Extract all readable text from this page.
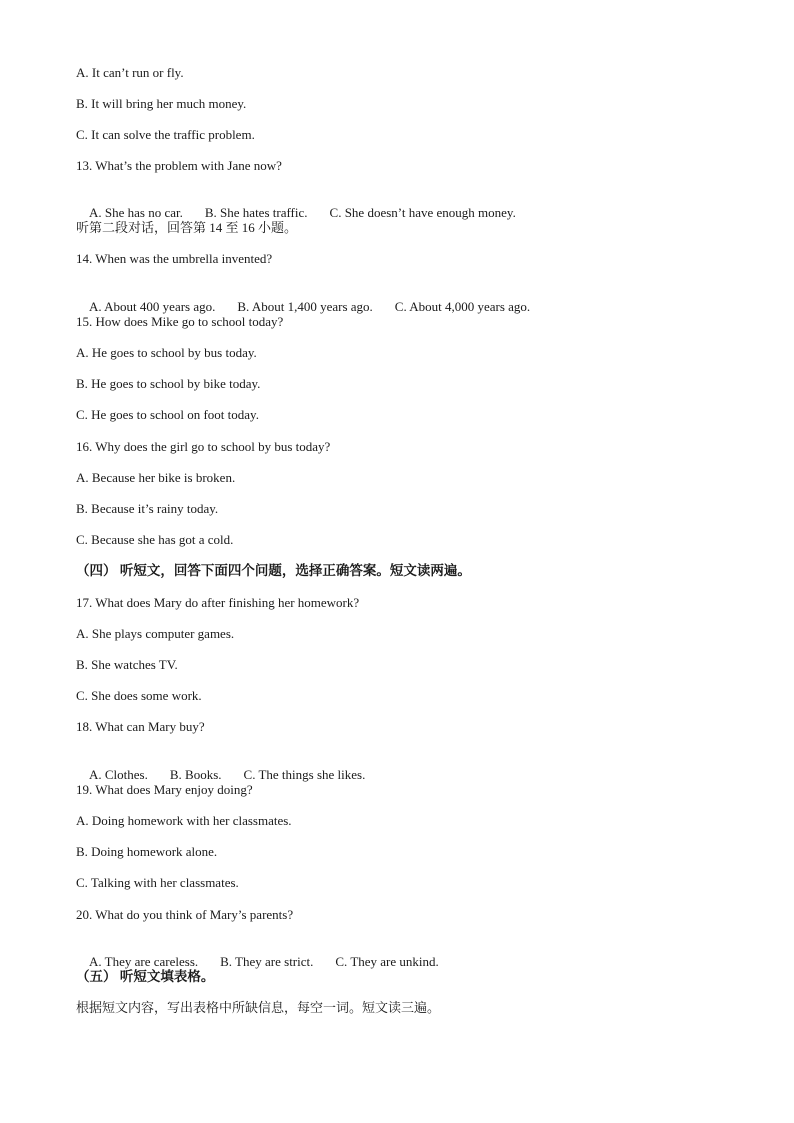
A. It can’t run or fly.
B. It will bring her much money.
C. It can solve the traffic problem.
13. What’s the problem with Jane now?

A. She has no car. B. She hates traffic. C. She doesn’t have enough money.

听第二段对话，回答第 14 至 16 小题。
14. When was the umbrella invented?

A. About 400 years ago. B. About 1,400 years ago. C. About 4,000 years ago.

15. How does Mike go to school today?
A. He goes to school by bus today.
B. He goes to school by bike today.
C. He goes to school on foot today.
16. Why does the girl go to school by bus today?
A. Because her bike is broken.
B. Because it’s rainy today.
C. Because she has got a cold.
（四） 听短文，回答下面四个问题，选择正确答案。短文读两遍。
17. What does Mary do after finishing her homework?
A. She plays computer games.
B. She watches TV.
C. She does some work.
18. What can Mary buy?

A. Clothes. B. Books. C. The things she likes.

19. What does Mary enjoy doing?
A. Doing homework with her classmates.
B. Doing homework alone.
C. Talking with her classmates.
20. What do you think of Mary’s parents?

A. They are careless. B. They are strict. C. They are unkind.

（五） 听短文填表格。
根据短文内容，写出表格中所缺信息，每空一词。短文读三遍。
